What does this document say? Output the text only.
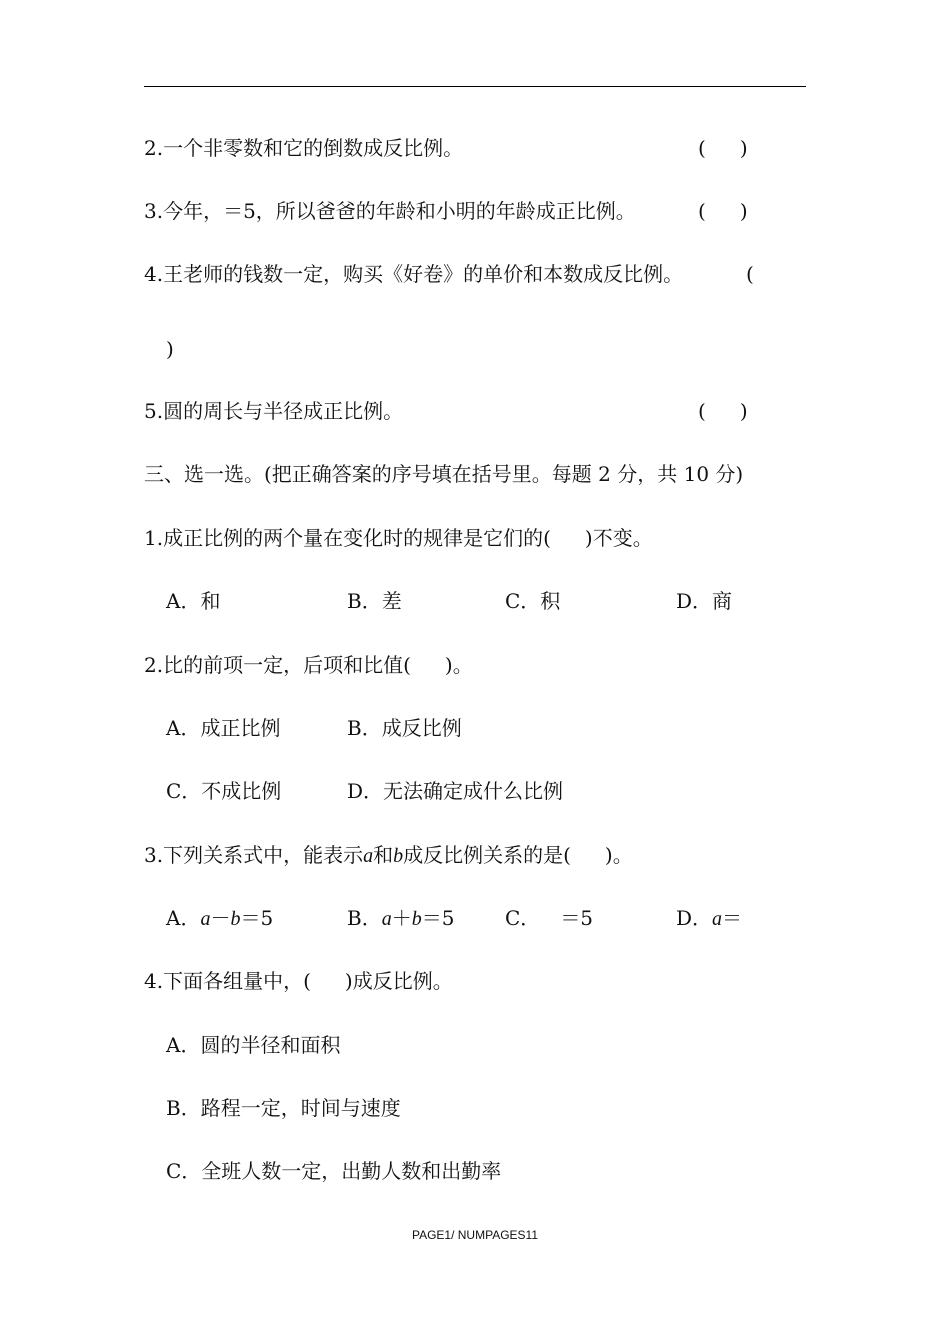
2.一个非零数和它的倒数成反比例。	( )
3.今年，＝5，所以爸爸的年龄和小明的年龄成正比例。	( )
4.王老师的钱数一定，购买《好卷》的单价和本数成反比例。	(
)
5.圆的周长与半径成正比例。	( )
三、选一选。(把正确答案的序号填在括号里。每题 2 分，共 10 分)
1.成正比例的两个量在变化时的规律是它们的( )不变。
A．和	B．差	C．积	D．商
2.比的前项一定，后项和比值( )。
A．成正比例	B．成反比例
C．不成比例	D．无法确定成什么比例
3.下列关系式中，能表示a和b成反比例关系的是( )。
A．a－b＝5	B．a＋b＝5	C． ＝5	D．a＝
4.下面各组量中，( )成反比例。
A．圆的半径和面积
B．路程一定，时间与速度
C．全班人数一定，出勤人数和出勤率
PAGE1/ NUMPAGES11
